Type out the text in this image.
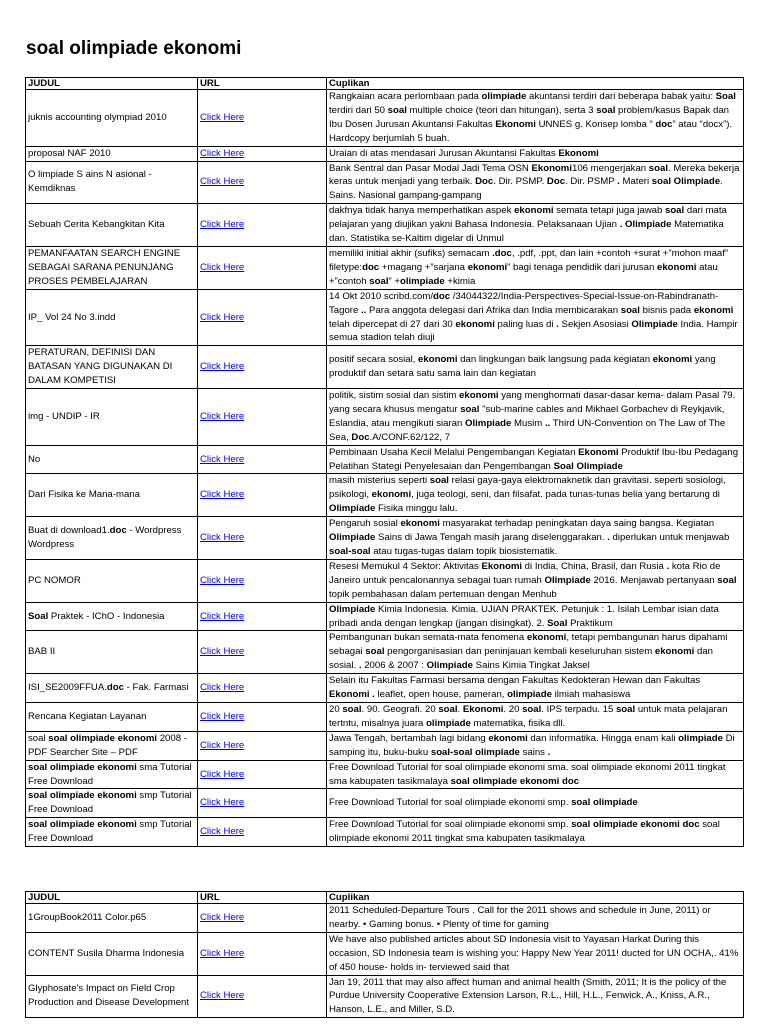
soal olimpiade ekonomi
JUDUL	URL	Cuplikan
juknis accounting olympiad 2010	Click Here	Rangkaian acara perlombaan pada olimpiade akuntansi terdiri dari beberapa babak yaitu: Soal terdiri dari 50 soal multiple choice (teori dan hitungan), serta 3 soal problem/kasus Bapak dan Ibu Dosen Jurusan Akuntansi Fakultas Ekonomi UNNES g. Konsep lomba “ doc” atau “docx”). Hardcopy berjumlah 5 buah.
proposal NAF 2010	Click Here	Uraian di atas mendasari Jurusan Akuntansi Fakultas Ekonomi
O limpiade S ains N asional - Kemdiknas	Click Here	Bank Sentral dan Pasar Modal Jadi Tema OSN Ekonomi106 mengerjakan soal. Mereka bekerja keras untuk menjadi yang terbaik. Doc. Dir. PSMP. Doc. Dir. PSMP . Materi soal Olimpiade. Sains. Nasional gampang-gampang
Sebuah Cerita Kebangkitan Kita	Click Here	dakfnya tidak hanya memperhatikan aspek ekonomi semata tetapi juga jawab soal dari mata pelajaran yang diujikan yakni Bahasa Indonesia. Pelaksanaan Ujian . Olimpiade Matematika dan. Statistika se-Kaltim digelar di Unmul
PEMANFAATAN SEARCH ENGINE SEBAGAI SARANA PENUNJANG PROSES PEMBELAJARAN	Click Here	memiliki initial akhir (sufiks) semacam .doc, .pdf, .ppt, dan lain +contoh +surat +”mohon maaf” filetype:doc +magang +”sarjana ekonomi” bagi tenaga pendidik dari jurusan ekonomi atau +”contoh soal” +olimpiade +kimia
IP_ Vol 24 No 3.indd	Click Here	14 Okt 2010 scribd.com/doc /34044322/India-Perspectives-Special-Issue-on-Rabindranath-Tagore .. Para anggota delegasi dari Afrika dan India membicarakan soal bisnis pada ekonomi telah dipercepat di 27 dari 30 ekonomi paling luas di . Sekjen Asosiasi Olimpiade India. Hampir semua stadion telah diuji
PERATURAN, DEFINISI DAN BATASAN YANG DIGUNAKAN DI DALAM KOMPETISI	Click Here	positif secara sosial, ekonomi dan lingkungan baik langsung pada kegiatan ekonomi yang produktif dan setara satu sama lain dan kegiatan
img - UNDIP - IR	Click Here	politik, sistim sosial dan sistim ekonomi yang menghormati dasar-dasar kema- dalam Pasal 79. yang secara khusus mengatur soal "sub-marine cables and Mikhael Gorbachev di Reykjavik, Eslandia, atau mengikuti siaran Olimpiade Musim .. Third UN-Convention on The Law of The Sea, Doc.A/CONF.62/122, 7
No	Click Here	Pembinaan Usaha Kecil Melalui Pengembangan Kegiatan Ekonomi Produktif Ibu-Ibu Pedagang Pelatihan Stategi Penyelesaian dan Pengembangan Soal Olimpiade
Dari Fisika ke Mana-mana	Click Here	masih misterius seperti soal relasi gaya-gaya elektromaknetik dan gravitasi. seperti sosiologi, psikologi, ekonomi, juga teologi, seni, dan filsafat. pada tunas-tunas belia yang bertarung di Olimpiade Fisika minggu lalu.
Buat di download1.doc - Wordpress Wordpress	Click Here	Pengaruh sosial ekonomi masyarakat terhadap peningkatan daya saing bangsa. Kegiatan Olimpiade Sains di Jawa Tengah masih jarang diselenggarakan. . diperlukan untuk menjawab soal-soal atau tugas-tugas dalam topik biosistematik.
PC NOMOR	Click Here	Resesi Memukul 4 Sektor: Aktivitas Ekonomi di India, China, Brasil, dan Rusia . kota Rio de Janeiro untuk pencalonannya sebagai tuan rumah Olimpiade 2016. Menjawab pertanyaan soal topik pembahasan dalam pertemuan dengan Menhub
Soal Praktek - IChO - Indonesia	Click Here	Olimpiade Kimia Indonesia. Kimia. UJIAN PRAKTEK. Petunjuk : 1. Isilah Lembar isian data pribadi anda dengan lengkap (jangan disingkat). 2. Soal Praktikum
BAB II	Click Here	Pembangunan bukan semata-mata fenomena ekonomi, tetapi pembangunan harus dipahami sebagai soal pengorganisasian dan peninjauan kembali keseluruhan sistem ekonomi dan sosial. . 2006 & 2007 : Olimpiade Sains Kimia Tingkat Jaksel
ISI_SE2009FFUA.doc - Fak. Farmasi	Click Here	Selain itu Fakultas Farmasi bersama dengan Fakultas Kedokteran Hewan dan Fakultas Ekonomi . leaflet, open house, pameran, olimpiade ilmiah mahasiswa
Rencana Kegiatan Layanan	Click Here	20 soal. 90. Geografi. 20 soal. Ekonomi. 20 soal. IPS terpadu. 15 soal untuk mata pelajaran tertntu, misalnya juara olimpiade matematika, fisika dll.
soal soal olimpiade ekonomi 2008 - PDF Searcher Site – PDF	Click Here	Jawa Tengah, bertambah lagi bidang ekonomi dan informatika. Hingga enam kali olimpiade Di samping itu, buku-buku soal-soal olimpiade sains .
soal olimpiade ekonomi sma Tutorial Free Download	Click Here	Free Download Tutorial for soal olimpiade ekonomi sma. soal olimpiade ekonomi 2011 tingkat sma kabupaten tasikmalaya soal olimpiade ekonomi doc
soal olimpiade ekonomi smp Tutorial Free Download	Click Here	Free Download Tutorial for soal olimpiade ekonomi smp. soal olimpiade
soal olimpiade ekonomi smp Tutorial Free Download	Click Here	Free Download Tutorial for soal olimpiade ekonomi smp. soal olimpiade ekonomi doc soal olimpiade ekonomi 2011 tingkat sma kabupaten tasikmalaya
JUDUL	URL	Cuplikan
1GroupBook2011 Color.p65	Click Here	2011 Scheduled-Departure Tours . Call for the 2011 shows and schedule in June, 2011) or nearby. • Gaming bonus. • Plenty of time for gaming
CONTENT Susila Dharma Indonesia	Click Here	We have also published articles about SD Indonesia visit to Yayasan Harkat During this occasion, SD Indonesia team is wishing you: Happy New Year 2011! ducted for UN OCHA,. 41% of 450 house- holds in- terviewed said that
Glyphosate's Impact on Field Crop Production and Disease Development	Click Here	Jan 19, 2011 that may also affect human and animal health (Smith, 2011; It is the policy of the Purdue University Cooperative Extension Larson, R.L., Hill, H.L., Fenwick, A., Kniss, A.R., Hanson, L.E., and Miller, S.D.
